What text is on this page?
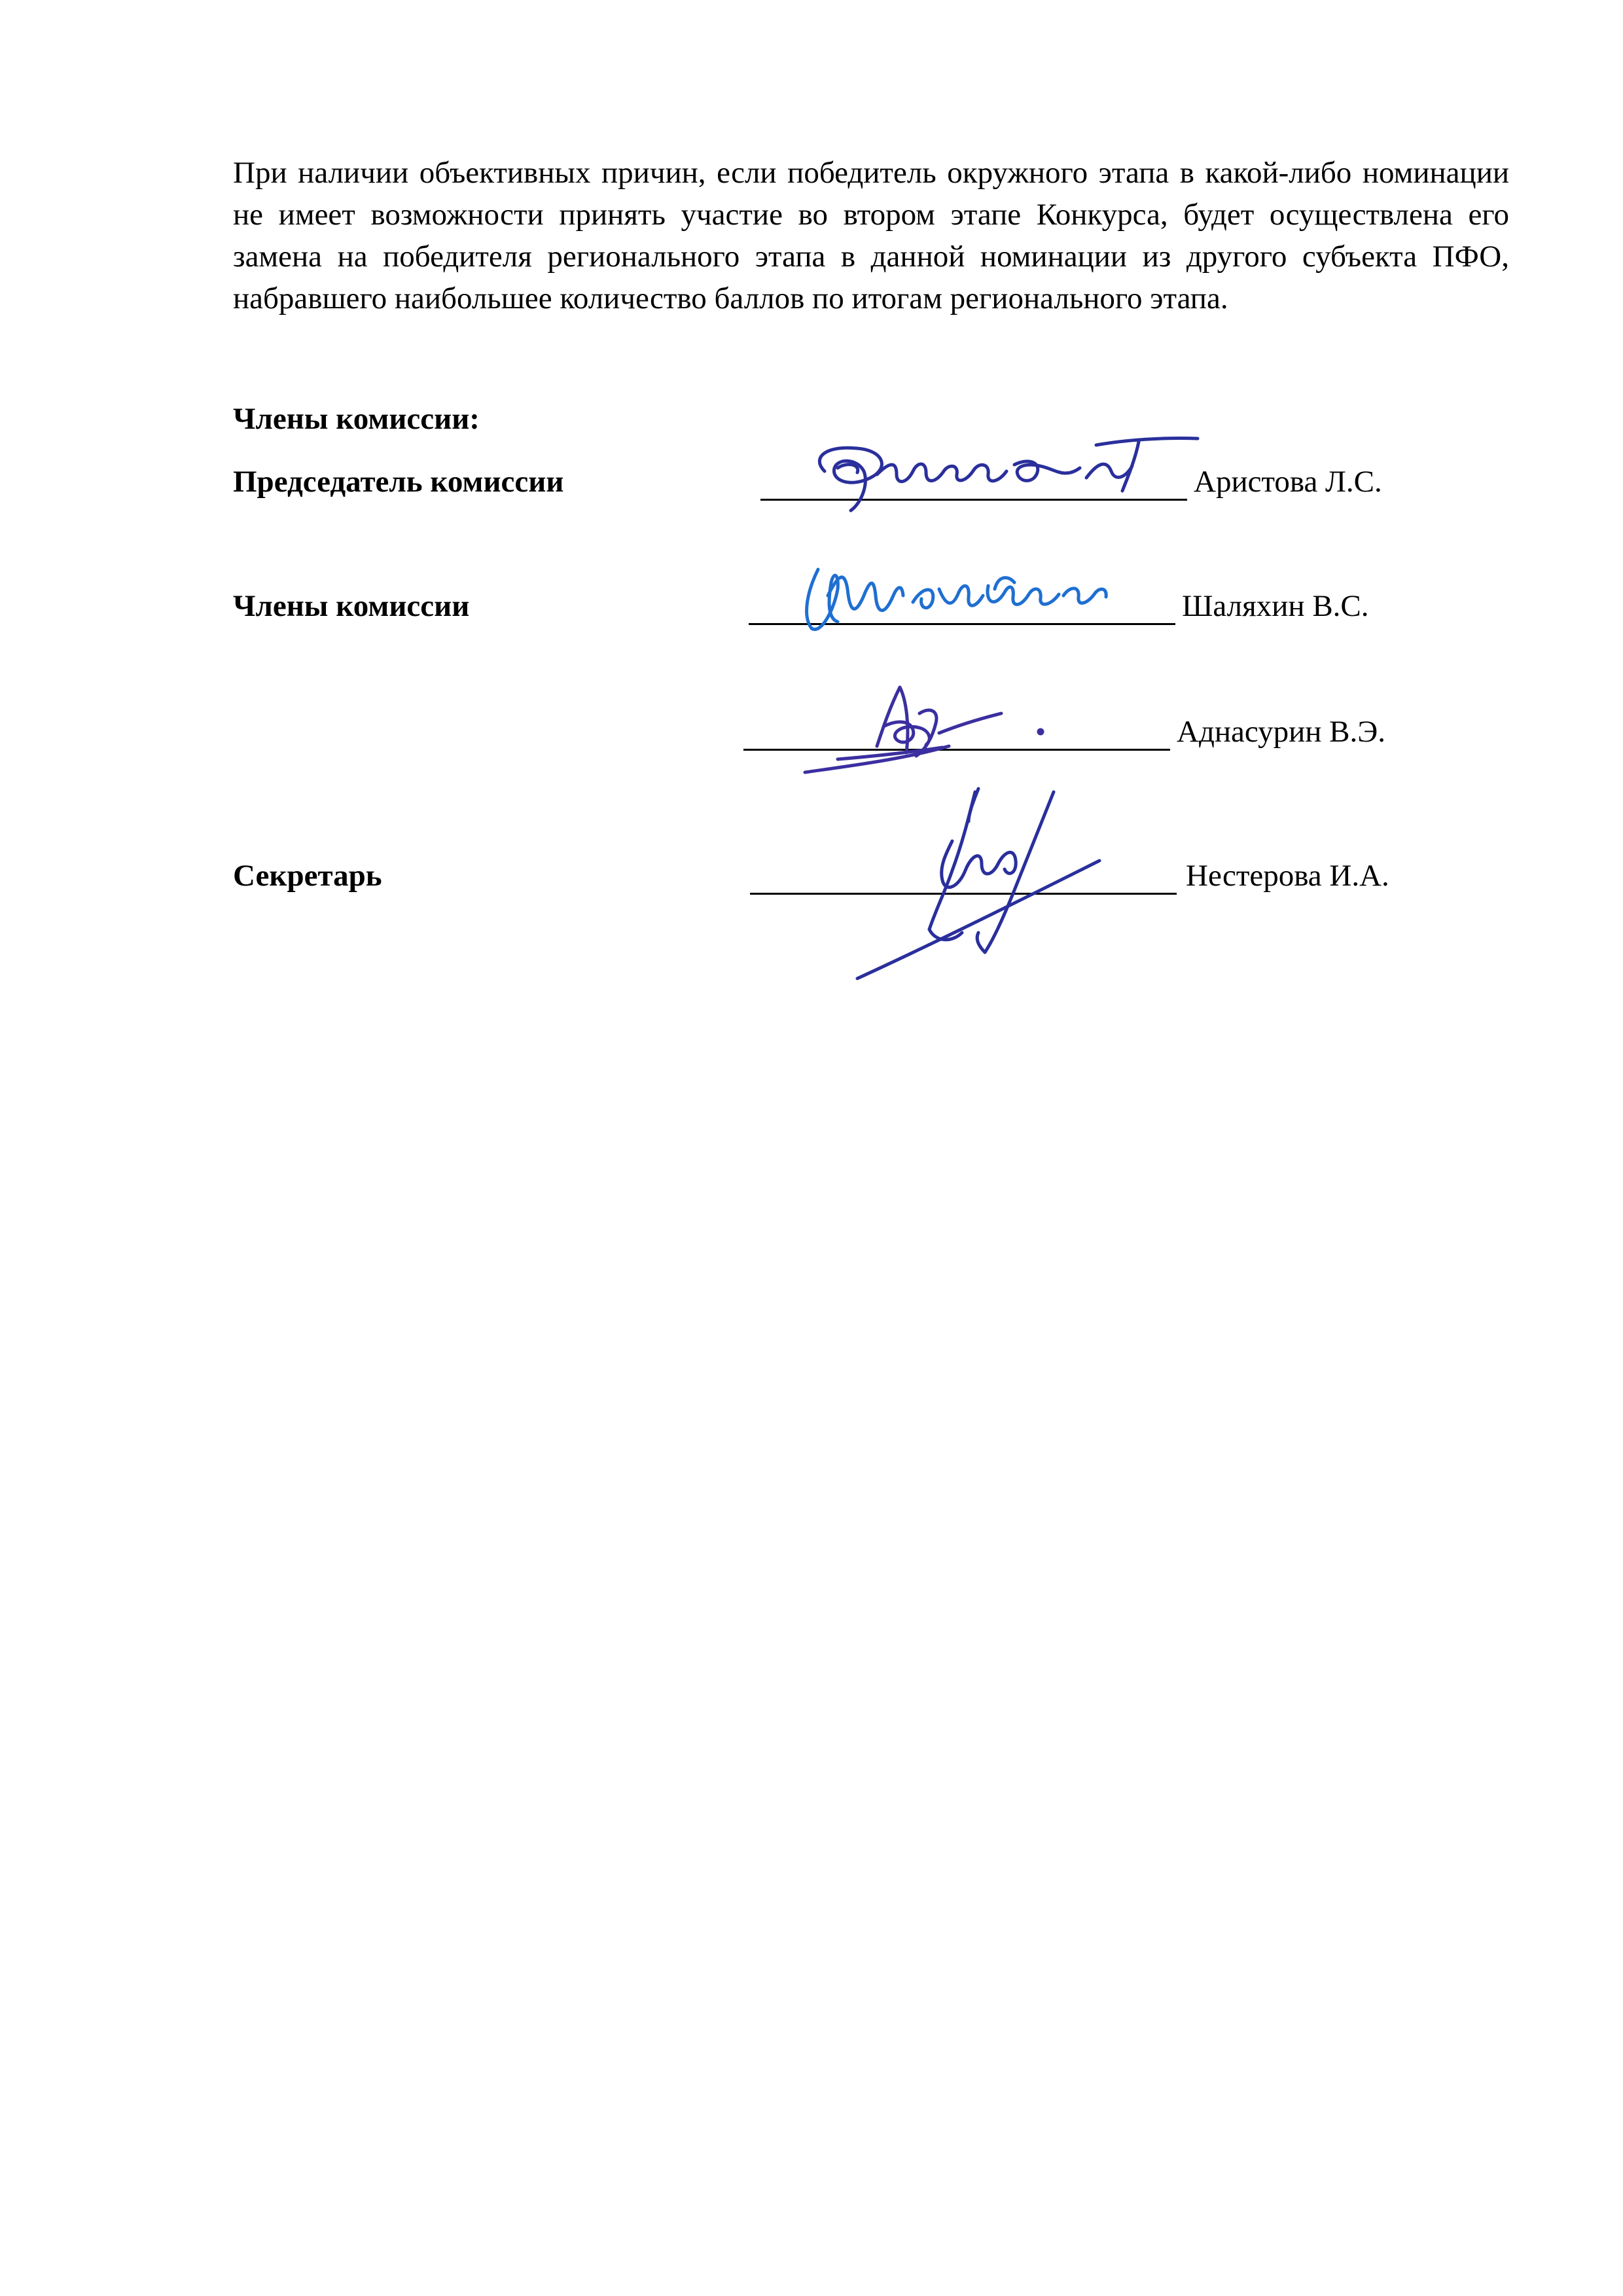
При наличии объективных причин, если победитель окружного этапа в какой-либо номинации не имеет возможности принять участие во втором этапе Конкурса, будет осуществлена его замена на победителя регионального этапа в данной номинации из другого субъекта ПФО, набравшего наибольшее количество баллов по итогам регионального этапа.

Члены комиссии:

Председатель комиссии	Аристова Л.С.
Члены комиссии	Шаляхин В.С.
Аднасурин В.Э.
Секретарь	Нестерова И.А.
